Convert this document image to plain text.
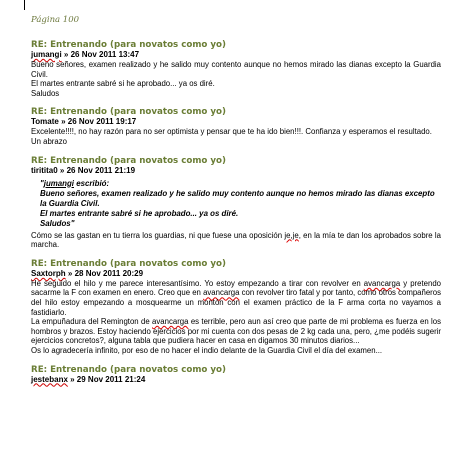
Página 100
RE: Entrenando (para novatos como yo)
jumangi » 26 Nov 2011 13:47

Bueno señores, examen realizado y he salido muy contento aunque no hemos mirado las dianas excepto la Guardia Civil.

El martes entrante sabré si he aprobado... ya os diré.

Saludos

RE: Entrenando (para novatos como yo)
Tomate » 26 Nov 2011 19:17

Excelente!!!!, no hay razón para no ser optimista y pensar que te ha ido bien!!!. Confianza y esperamos el resultado.

Un abrazo

RE: Entrenando (para novatos como yo)
tiritita0 » 26 Nov 2011 21:19

"jumangi escribió:

Bueno señores, examen realizado y he salido muy contento aunque no hemos mirado las dianas excepto la Guardia Civil.

El martes entrante sabré si he aprobado... ya os diré.

Saludos"

Cómo se las gastan en tu tierra los guardias, ni que fuese una oposición je,je, en la mía te dan los aprobados sobre la marcha.

RE: Entrenando (para novatos como yo)
Saxtorph » 28 Nov 2011 20:29

He seguido el hilo y me parece interesantísimo. Yo estoy empezando a tirar con revolver en avancarga y pretendo sacarme la F con examen en enero. Creo que en avancarga con revolver tiro fatal y por tanto, como otros compañeros del hilo estoy empezando a mosquearme un montón con el examen práctico de la F arma corta no vayamos a fastidiarlo.

La empuñadura del Remington de avancarga es terrible, pero aun así creo que parte de mi problema es fuerza en los hombros y brazos. Estoy haciendo ejercicios por mi cuenta con dos pesas de 2 kg cada una, pero, ¿me podéis sugerir ejercicios concretos?, alguna tabla que pudiera hacer en casa en digamos 30 minutos diarios...

Os lo agradecería infinito, por eso de no hacer el indio delante de la Guardia Civil el día del examen...

RE: Entrenando (para novatos como yo)
jestebanx » 29 Nov 2011 21:24
